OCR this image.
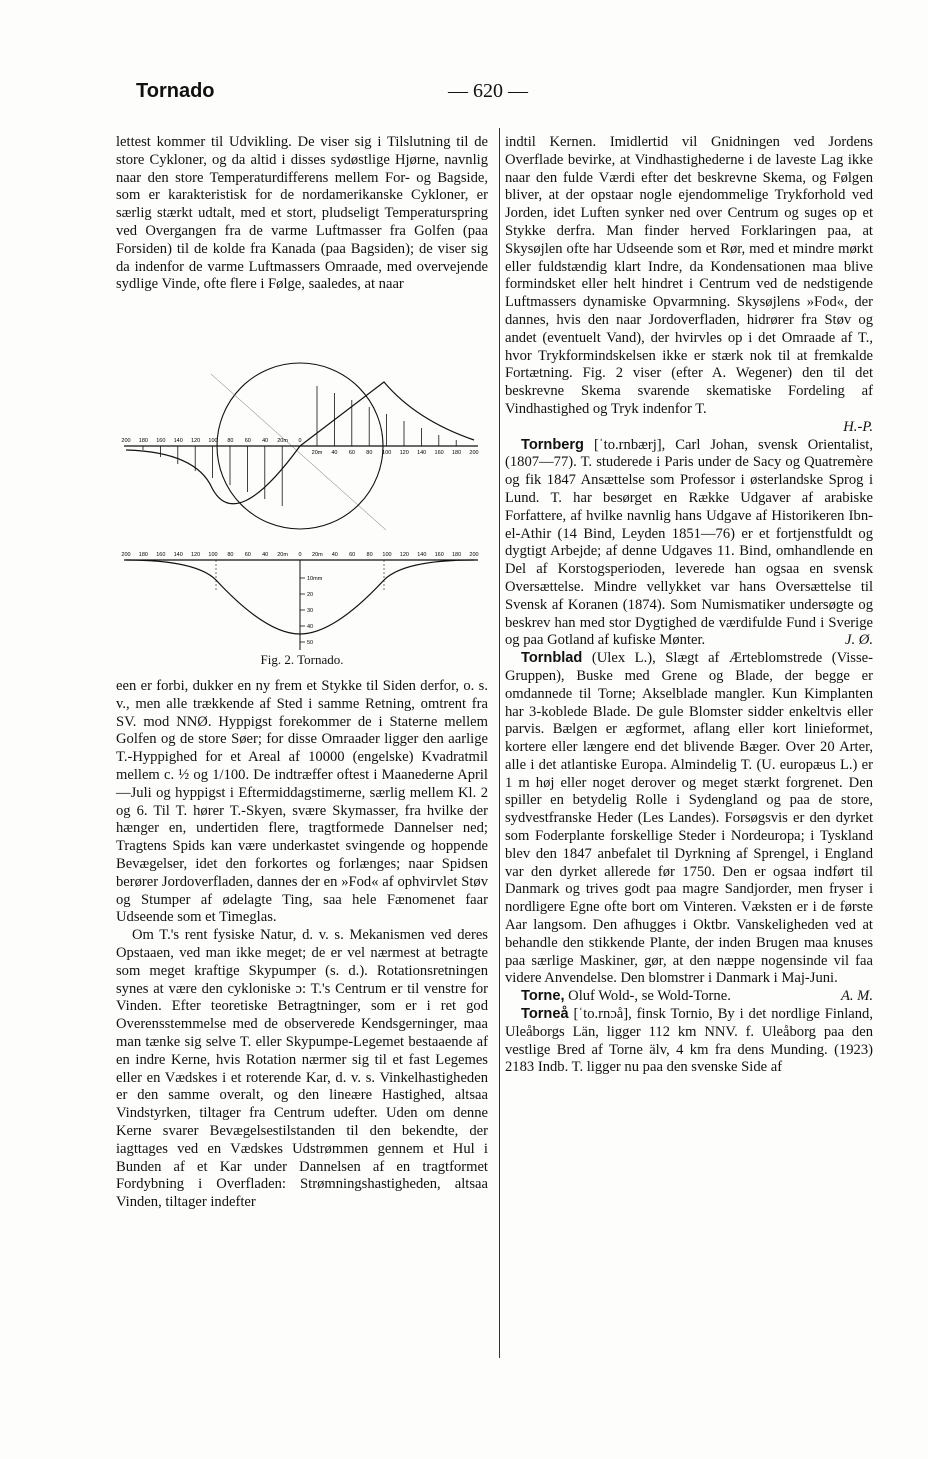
Tornado	— 620 —

lettest kommer til Udvikling. De viser sig i Tilslutning til de store Cykloner, og da altid i disses sydøstlige Hjørne, navnlig naar den store Temperaturdifferens mellem For- og Bagside, som er karakteristisk for de nordamerikanske Cykloner, er særlig stærkt udtalt, med et stort, pludseligt Temperaturspring ved Overgangen fra de varme Luftmasser fra Golfen (paa Forsiden) til de kolde fra Kanada (paa Bagsiden); de viser sig da indenfor de varme Luftmassers Omraade, med overvejende sydlige Vinde, ofte flere i Følge, saaledes, at naar

200 180 160 140 120 100 80 60 40 20m 0
20m 40 60 80 100 120 140 160 180 200
200 180 160 140 120 100 80 60 40 20m 0 20m 40 60 80 100 120 140 160 180 200
10mm
20
30
40
50
Fig. 2. Tornado.

een er forbi, dukker en ny frem et Stykke til Siden derfor, o. s. v., men alle trækkende af Sted i samme Retning, omtrent fra SV. mod NNØ. Hyppigst forekommer de i Staterne mellem Golfen og de store Søer; for disse Omraader ligger den aarlige T.-Hyppighed for et Areal af 10000 (engelske) Kvadratmil mellem c. ½ og 1/100. De indtræffer oftest i Maanederne April—Juli og hyppigst i Eftermiddagstimerne, særlig mellem Kl. 2 og 6. Til T. hører T.-Skyen, svære Skymasser, fra hvilke der hænger en, undertiden flere, tragtformede Dannelser ned; Tragtens Spids kan være underkastet svingende og hoppende Bevægelser, idet den forkortes og forlænges; naar Spidsen berører Jordoverfladen, dannes der en »Fod« af ophvirvlet Støv og Stumper af ødelagte Ting, saa hele Fænomenet faar Udseende som et Timeglas.

Om T.'s rent fysiske Natur, d. v. s. Mekanismen ved deres Opstaaen, ved man ikke meget; de er vel nærmest at betragte som meget kraftige Skypumper (s. d.). Rotationsretningen synes at være den cykloniske ɔ: T.'s Centrum er til venstre for Vinden. Efter teoretiske Betragtninger, som er i ret god Overensstemmelse med de observerede Kendsgerninger, maa man tænke sig selve T. eller Skypumpe-Legemet bestaaende af en indre Kerne, hvis Rotation nærmer sig til et fast Legemes eller en Vædskes i et roterende Kar, d. v. s. Vinkelhastigheden er den samme overalt, og den lineære Hastighed, altsaa Vindstyrken, tiltager fra Centrum udefter. Uden om denne Kerne svarer Bevægelsestilstanden til den bekendte, der iagttages ved en Vædskes Udstrømmen gennem et Hul i Bunden af et Kar under Dannelsen af en tragtformet Fordybning i Overfladen: Strømningshastigheden, altsaa Vinden, tiltager indefter

indtil Kernen. Imidlertid vil Gnidningen ved Jordens Overflade bevirke, at Vindhastighederne i de laveste Lag ikke naar den fulde Værdi efter det beskrevne Skema, og Følgen bliver, at der opstaar nogle ejendommelige Trykforhold ved Jorden, idet Luften synker ned over Centrum og suges op et Stykke derfra. Man finder herved Forklaringen paa, at Skysøjlen ofte har Udseende som et Rør, med et mindre mørkt eller fuldstændig klart Indre, da Kondensationen maa blive formindsket eller helt hindret i Centrum ved de nedstigende Luftmassers dynamiske Opvarmning. Skysøjlens »Fod«, der dannes, hvis den naar Jordoverfladen, hidrører fra Støv og andet (eventuelt Vand), der hvirvles op i det Omraade af T., hvor Trykformindskelsen ikke er stærk nok til at fremkalde Fortætning. Fig. 2 viser (efter A. Wegener) den til det beskrevne Skema svarende skematiske Fordeling af Vindhastighed og Tryk indenfor T.

H.-P.

Tornberg [ˈto.rnbærj], Carl Johan, svensk Orientalist, (1807—77). T. studerede i Paris under de Sacy og Quatremère og fik 1847 Ansættelse som Professor i østerlandske Sprog i Lund. T. har besørget en Række Udgaver af arabiske Forfattere, af hvilke navnlig hans Udgave af Historikeren Ibn-el-Athir (14 Bind, Leyden 1851—76) er et fortjenstfuldt og dygtigt Arbejde; af denne Udgaves 11. Bind, omhandlende en Del af Korstogsperioden, leverede han ogsaa en svensk Oversættelse. Mindre vellykket var hans Oversættelse til Svensk af Koranen (1874). Som Numismatiker undersøgte og beskrev han med stor Dygtighed de værdifulde Fund i Sverige og paa Gotland af kufiske Mønter.	J. Ø.

Tornblad (Ulex L.), Slægt af Ærteblomstrede (Visse-Gruppen), Buske med Grene og Blade, der begge er omdannede til Torne; Akselblade mangler. Kun Kimplanten har 3-koblede Blade. De gule Blomster sidder enkeltvis eller parvis. Bælgen er ægformet, aflang eller kort linieformet, kortere eller længere end det blivende Bæger. Over 20 Arter, alle i det atlantiske Europa. Almindelig T. (U. europæus L.) er 1 m høj eller noget derover og meget stærkt forgrenet. Den spiller en betydelig Rolle i Sydengland og paa de store, sydvestfranske Heder (Les Landes). Forsøgsvis er den dyrket som Foderplante forskellige Steder i Nordeuropa; i Tyskland blev den 1847 anbefalet til Dyrkning af Sprengel, i England var den dyrket allerede før 1750. Den er ogsaa indført til Danmark og trives godt paa magre Sandjorder, men fryser i nordligere Egne ofte bort om Vinteren. Væksten er i de første Aar langsom. Den afhugges i Oktbr. Vanskeligheden ved at behandle den stikkende Plante, der inden Brugen maa knuses paa særlige Maskiner, gør, at den næppe nogensinde vil faa videre Anvendelse. Den blomstrer i Danmark i Maj-Juni.
A. M.

Torne, Oluf Wold-, se Wold-Torne.

Torneå [ˈto.rnɔå], finsk Tornio, By i det nordlige Finland, Uleåborgs Län, ligger 112 km NNV. f. Uleåborg paa den vestlige Bred af Torne älv, 4 km fra dens Munding. (1923) 2183 Indb. T. ligger nu paa den svenske Side af
